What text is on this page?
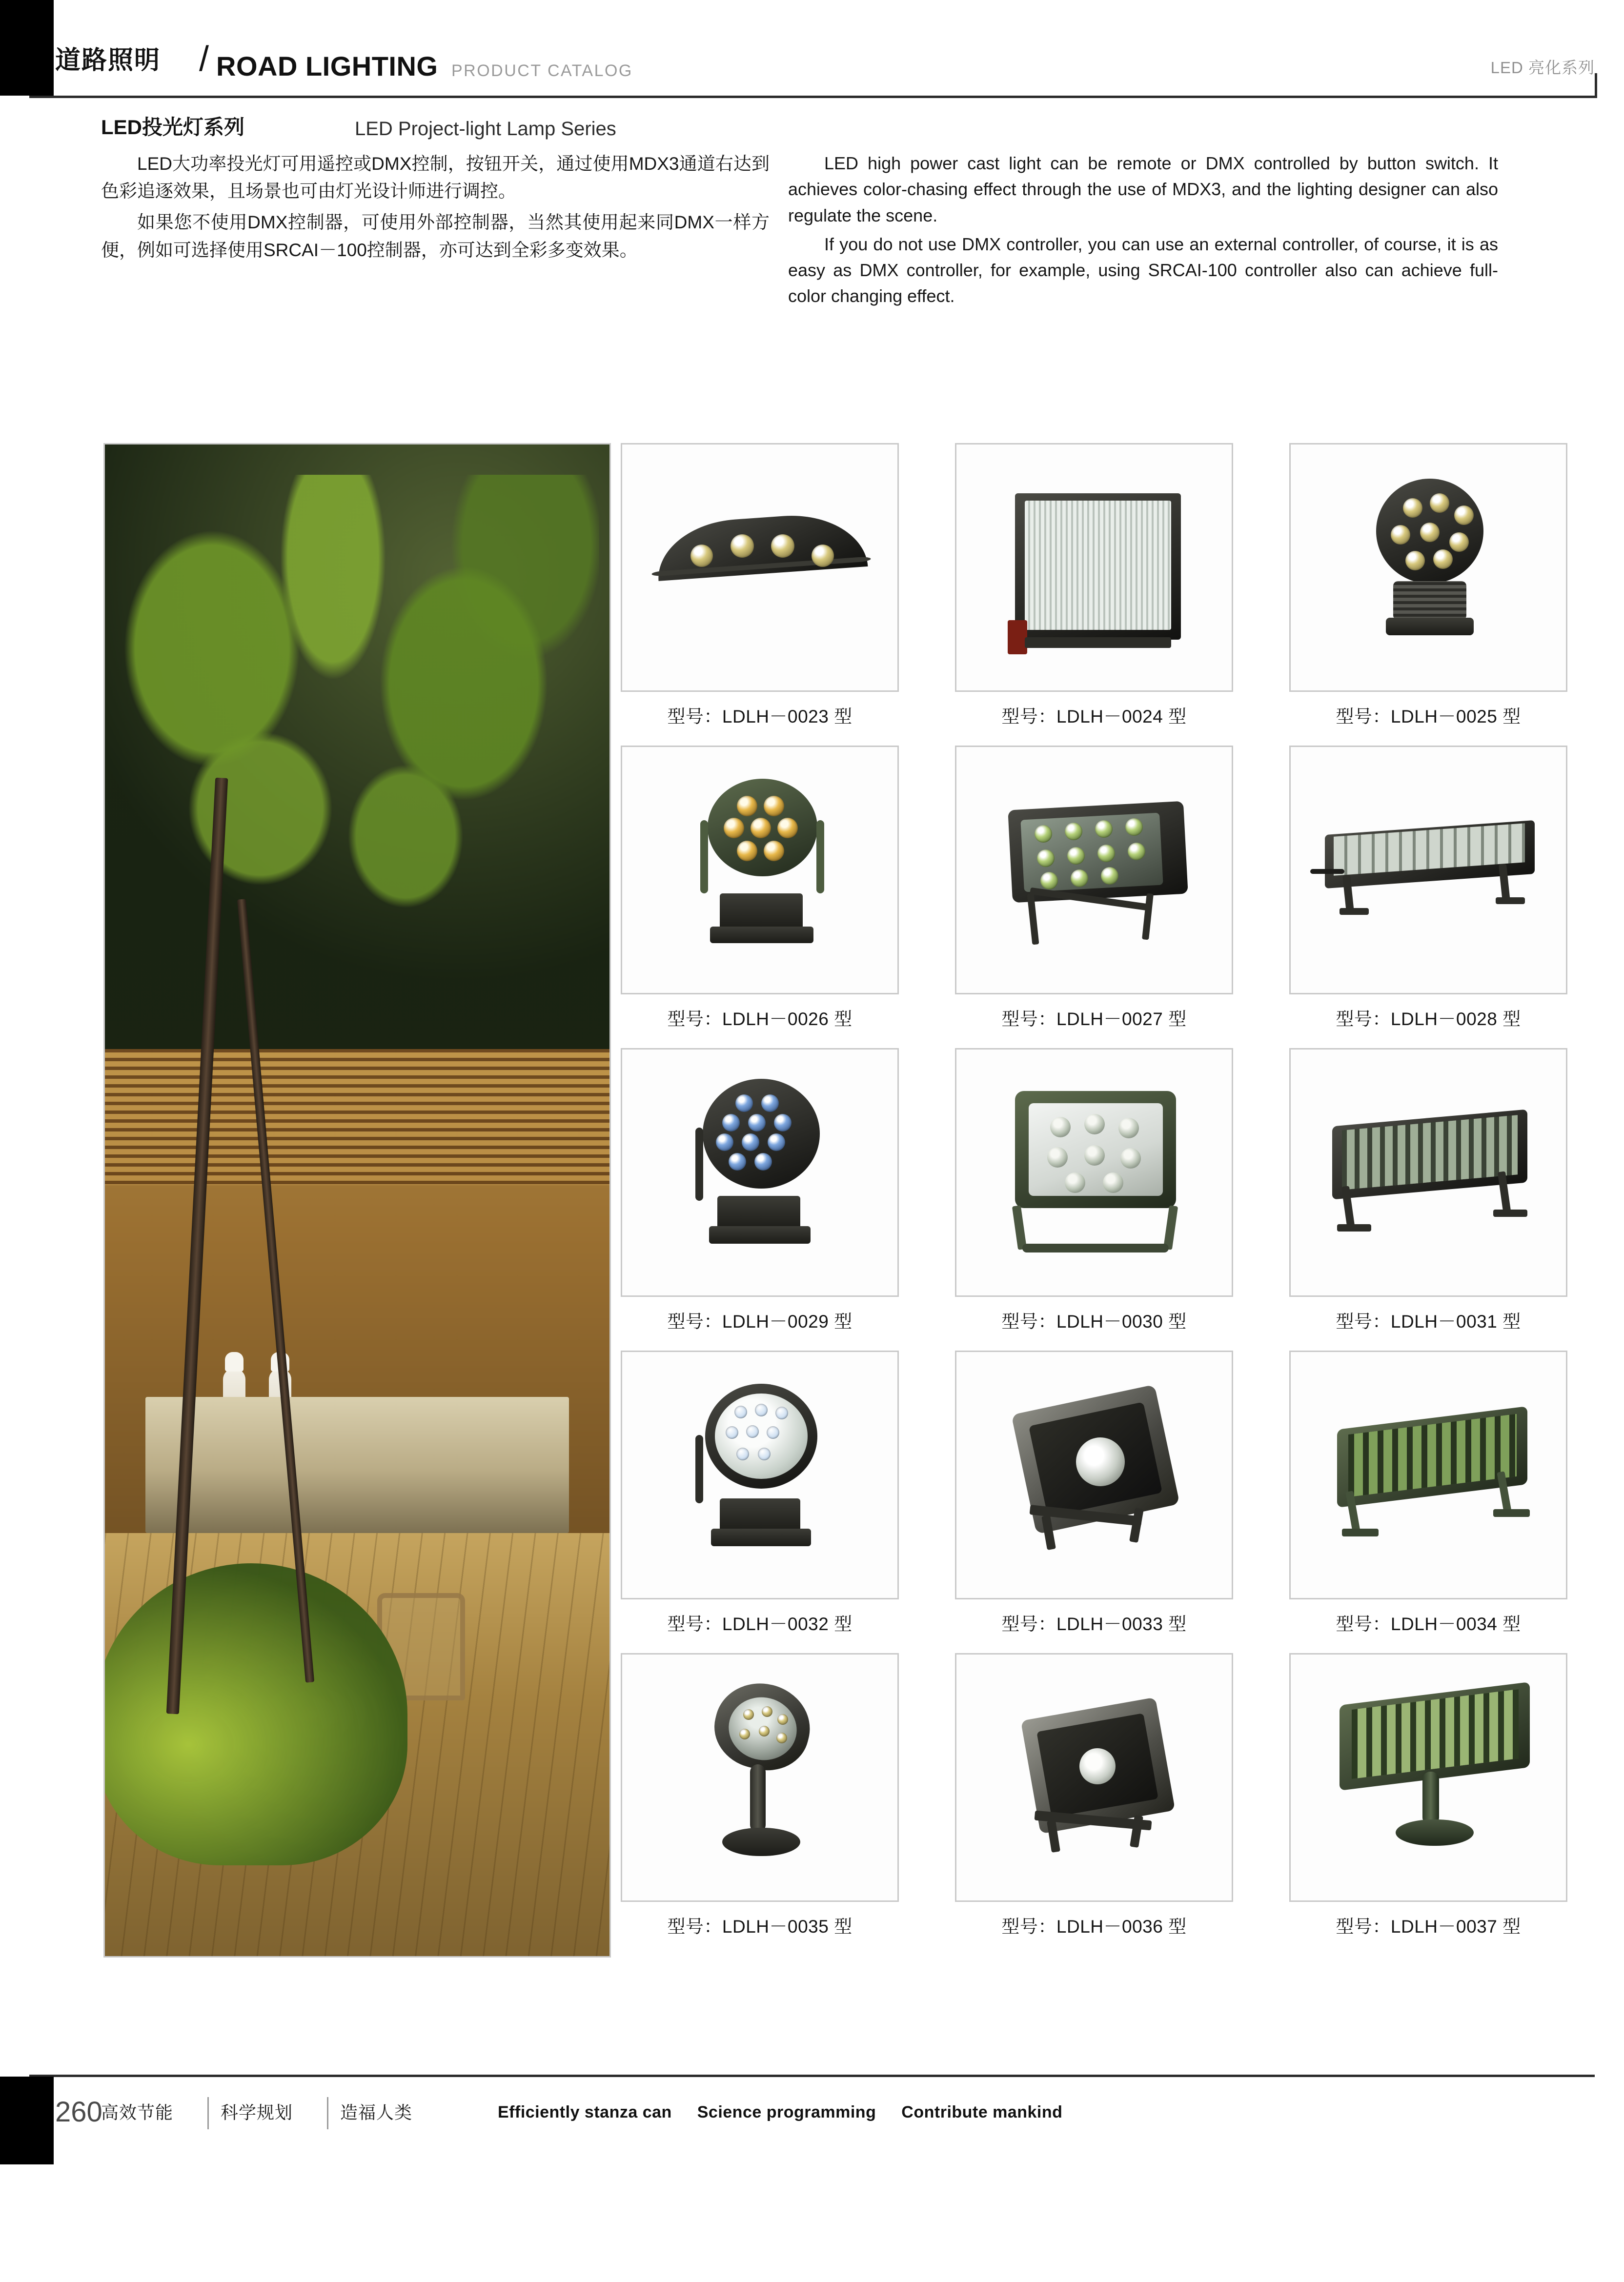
道路照明 / ROAD LIGHTING PRODUCT CATALOG	LED 亮化系列
LED投光灯系列	LED Project-light Lamp Series

LED大功率投光灯可用遥控或DMX控制，按钮开关，通过使用MDX3通道右达到色彩追逐效果，且场景也可由灯光设计师进行调控。

如果您不使用DMX控制器，可使用外部控制器，当然其使用起来同DMX一样方便，例如可选择使用SRCAI－100控制器，亦可达到全彩多变效果。

LED high power cast light can be remote or DMX controlled by button switch. It achieves color-chasing effect through the use of MDX3, and the lighting designer can also regulate the scene.

If you do not use DMX controller, you can use an external controller, of course, it is as easy as DMX controller, for example, using SRCAI-100 controller also can achieve full-color changing effect.

型号：LDLH－0023 型	型号：LDLH－0024 型	型号：LDLH－0025 型
型号：LDLH－0026 型	型号：LDLH－0027 型	型号：LDLH－0028 型
型号：LDLH－0029 型	型号：LDLH－0030 型	型号：LDLH－0031 型
型号：LDLH－0032 型	型号：LDLH－0033 型	型号：LDLH－0034 型
型号：LDLH－0035 型	型号：LDLH－0036 型	型号：LDLH－0037 型
260
高效节能	科学规划	造福人类	Efficiently stanza can Science programming Contribute mankind
